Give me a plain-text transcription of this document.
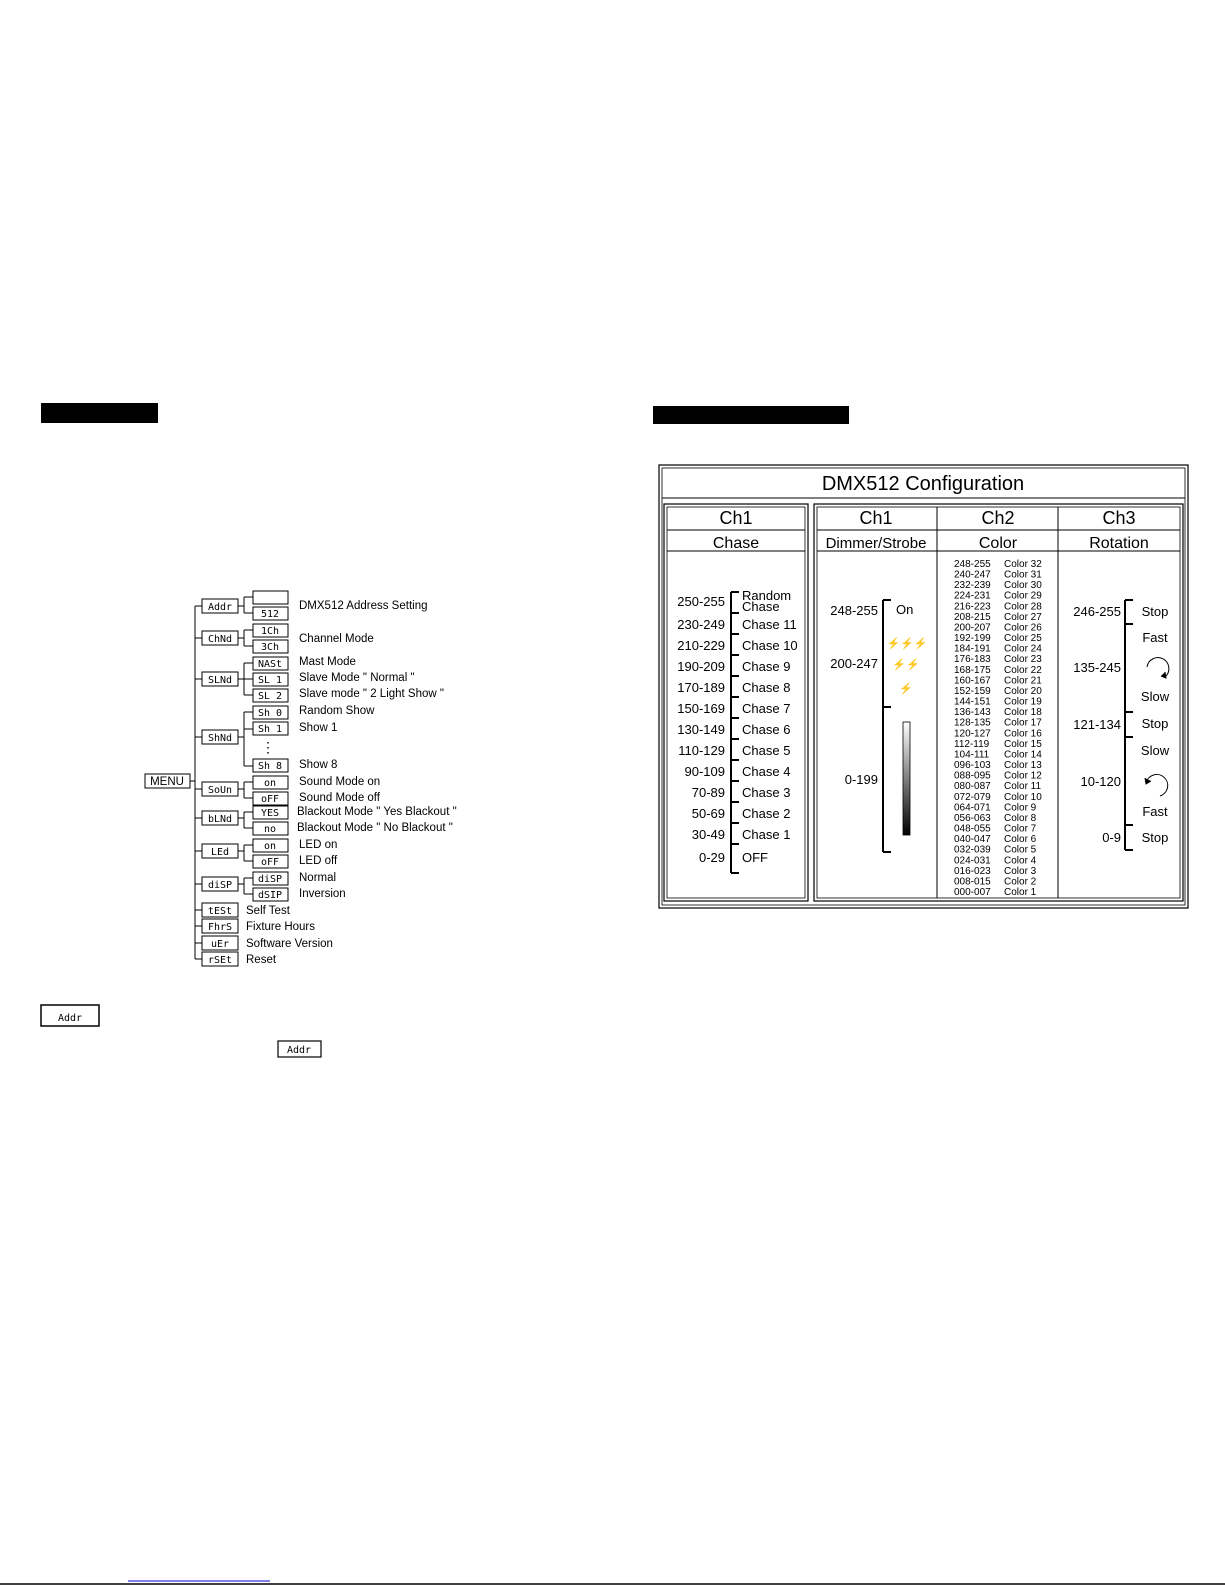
MENU
Addr
ChNd
SLNd
ShNd
SoUn
bLNd
LEd
diSP
tESt
FhrS
uEr
rSEt
512
1Ch
3Ch
NASt
SL 1
SL 2
Sh 0
Sh 1
Sh 8
on
oFF
YES
no
on
oFF
diSP
dSIP
⋮
DMX512 Address Setting
Channel Mode
Mast Mode
Slave Mode " Normal "
Slave mode " 2 Light Show "
Random Show
Show 1
Show 8
Sound Mode on
Sound Mode off
Blackout Mode " Yes Blackout "
Blackout Mode " No Blackout "
LED on
LED off
Normal
Inversion
Self Test
Fixture Hours
Software Version
Reset
Addr
Addr
DMX512 Configuration
Ch1
Chase
Ch1
Dimmer/Strobe
Ch2
Color
Ch3
Rotation
250-255 Random
Chase
230-249 Chase 11
210-229 Chase 10
190-209 Chase 9
170-189 Chase 8
150-169 Chase 7
130-149 Chase 6
110-129 Chase 5
90-109 Chase 4
70-89 Chase 3
50-69 Chase 2
30-49 Chase 1
0-29 OFF
248-255 On
⚡⚡⚡
200-247 ⚡⚡
⚡
0-199
248-255 Color 32
240-247 Color 31
232-239 Color 30
224-231 Color 29
216-223 Color 28
208-215 Color 27
200-207 Color 26
192-199 Color 25
184-191 Color 24
176-183 Color 23
168-175 Color 22
160-167 Color 21
152-159 Color 20
144-151 Color 19
136-143 Color 18
128-135 Color 17
120-127 Color 16
112-119 Color 15
104-111 Color 14
096-103 Color 13
088-095 Color 12
080-087 Color 11
072-079 Color 10
064-071 Color 9
056-063 Color 8
048-055 Color 7
040-047 Color 6
032-039 Color 5
024-031 Color 4
016-023 Color 3
008-015 Color 2
000-007 Color 1
246-255 Stop
Fast
135-245
Slow
121-134 Stop
Slow
10-120
Fast
0-9 Stop
